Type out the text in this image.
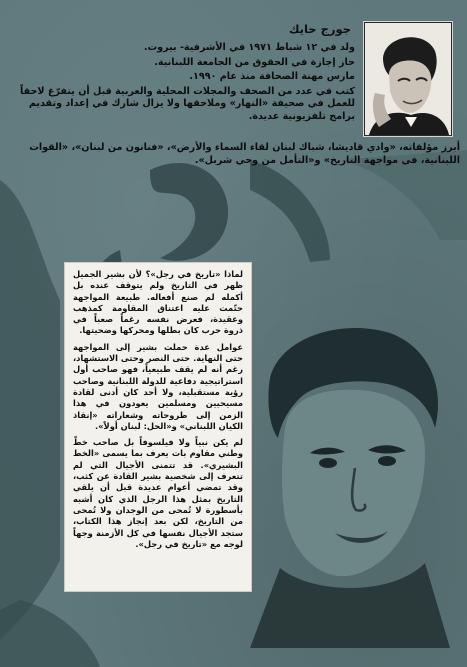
جورج حايك

ولد في ١٢ شباط ١٩٧١ في الأشرفية- بيروت.

حاز إجازة في الحقوق من الجامعة اللبنانية.

مارس مهنة الصحافة منذ عام ١٩٩٠.

كتب في عدد من الصحف والمجلات المحلية والعربية قبل أن يتفرّغ لاحقاً للعمل في صحيفة «النهار» وملاحقها ولا يزال شارك في إعداد وتقديم برامج تلفزيونية عديدة.

أبرز مؤلفاته، «وادي قاديشا، شباك لبنان لقاء السماء والأرض»، «فنانون من لبنان»، «القوات اللبنانية، في مواجهة التاريخ» و«التأمل من وحي شربل».

لماذا «تاريخ في رجل»؟ لأن بشير الجميل ظهر في التاريخ ولم يتوقف عنده بل أكمله لم صنع أفعاله. طبيعة المواجهة حتّمت عليه اعتناق المقاومة كمذهب وعقيدة، فعرض نفسه رغماً صعباً في ذروة حرب كان بطلها ومحركها وضحيتها.

عوامل عدة حملت بشير إلى المواجهة حتى النهاية. حتى النصر وحتى الاستشهاد، رغم أنه لم يقف طبيعياً، فهو صاحب أول استراتيجية دفاعية للدولة اللبنانية وصاحب رؤية مستقبلية، ولا أحد كان أدنى لقادة مسيحيين ومسلمين يعودون في هذا الزمن إلى طروحاته وشعاراته «إنقاذ الكيان اللبناني» و«الحل: لبنان أولاً».

لم يكن نبياً ولا فيلسوفاً بل صاحب خطّ وطني مقاوم بات يعرف بما يسمى «الخط البشيري». قد تتمنى الأجيال التي لم تتعرف إلى شخصية بشير القادة عن كثب، وقد تمضي أعوام عديدة قبل أن يلقي التاريخ بمثل هذا الرجل الذي كان أشبه بأسطورة لا تُمحى من الوجدان ولا تُمحى من التاريخ، لكن بعد إنجاز هذا الكتاب، ستجد الأجيال نفسها في كل الأزمنة وجهاً لوجه مع «تاريخ في رجل».
